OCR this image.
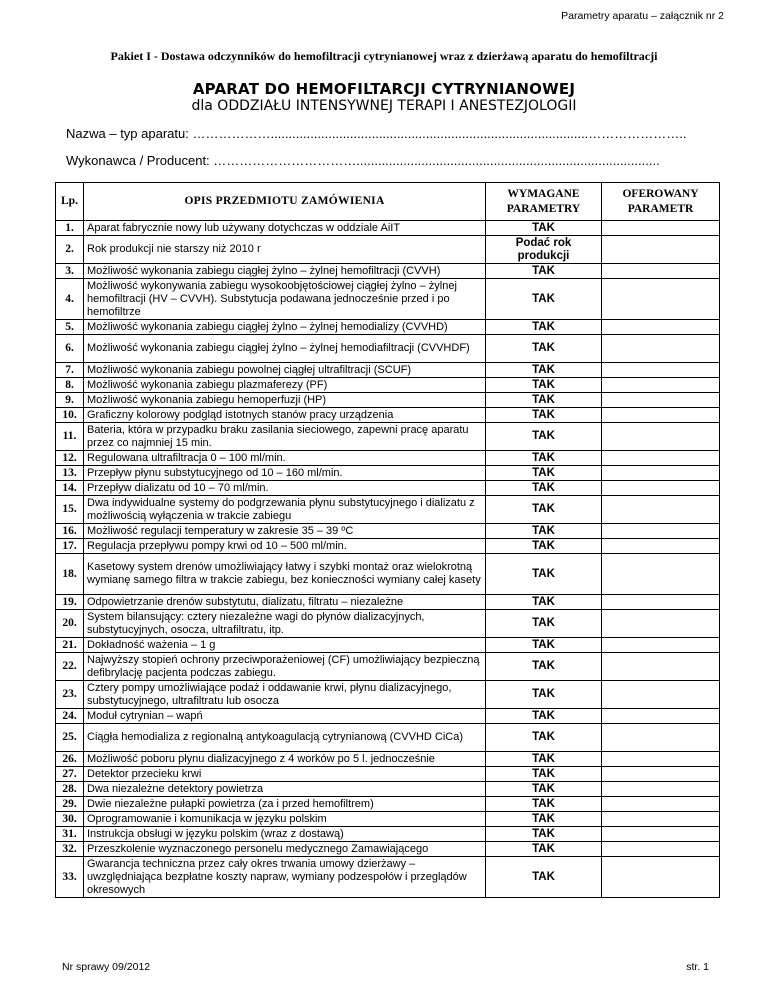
Parametry aparatu – załącznik nr 2
Pakiet I - Dostawa odczynników do hemofiltracji cytrynianowej wraz z dzierżawą aparatu do hemofiltracji
APARAT DO HEMOFILTARCJI CYTRYNIANOWEJ
dla ODDZIAŁU INTENSYWNEJ TERAPI I ANESTEZJOLOGII
Nazwa – typ aparatu: ………………........................................................................................…………………..
Wykonawca / Producent: ……………………………....................................................................................
Lp.	OPIS PRZEDMIOTU ZAMÓWIENIA	WYMAGANE PARAMETRY	OFEROWANY PARAMETR
1.	Aparat fabrycznie nowy lub używany dotychczas w oddziale AiIT	TAK	
2.	Rok produkcji nie starszy niż 2010 r	Podać rok produkcji	
3.	Możliwość wykonania zabiegu ciągłej żylno – żylnej hemofiltracji (CVVH)	TAK	
4.	Możliwość wykonywania zabiegu wysokoobjętościowej ciągłej żylno – żylnej hemofiltracji (HV – CVVH). Substytucja podawana jednocześnie przed i po hemofiltrze	TAK	
5.	Możliwość wykonania zabiegu ciągłej żylno – żylnej hemodializy (CVVHD)	TAK	
6.	Możliwość wykonania zabiegu ciągłej żylno – żylnej hemodiafiltracji (CVVHDF)	TAK	
7.	Możliwość wykonania zabiegu powolnej ciągłej ultrafiltracji (SCUF)	TAK	
8.	Możliwość wykonania zabiegu plazmaferezy (PF)	TAK	
9.	Możliwość wykonania zabiegu hemoperfuzji (HP)	TAK	
10.	Graficzny kolorowy podgląd istotnych stanów pracy urządzenia	TAK	
11.	Bateria, która w przypadku braku zasilania sieciowego, zapewni pracę aparatu przez co najmniej 15 min.	TAK	
12.	Regulowana ultrafiltracja 0 – 100 ml/min.	TAK	
13.	Przepływ płynu substytucyjnego od 10 – 160 ml/min.	TAK	
14.	Przepływ dializatu od 10 – 70 ml/min.	TAK	
15.	Dwa indywidualne systemy do podgrzewania płynu substytucyjnego i dializatu z możliwością wyłączenia w trakcie zabiegu	TAK	
16.	Możliwość regulacji temperatury w zakresie 35 – 39 ºC	TAK	
17.	Regulacja przepływu pompy krwi od 10 – 500 ml/min.	TAK	
18.	Kasetowy system drenów umożliwiający łatwy i szybki montaż oraz wielokrotną wymianę samego filtra w trakcie zabiegu, bez konieczności wymiany całej kasety	TAK	
19.	Odpowietrzanie drenów substytutu, dializatu, filtratu – niezależne	TAK	
20.	System bilansujący: cztery niezależne wagi do płynów dializacyjnych, substytucyjnych, osocza, ultrafiltratu, itp.	TAK	
21.	Dokładność ważenia – 1 g	TAK	
22.	Najwyższy stopień ochrony przeciwporażeniowej (CF) umożliwiający bezpieczną defibrylację pacjenta podczas zabiegu.	TAK	
23.	Cztery pompy umożliwiające podaż i oddawanie krwi, płynu dializacyjnego, substytucyjnego, ultrafiltratu lub osocza	TAK	
24.	Moduł cytrynian – wapń	TAK	
25.	Ciągła hemodializa z regionalną antykoagulacją cytrynianową (CVVHD CiCa)	TAK	
26.	Możliwość poboru płynu dializacyjnego z 4 worków po 5 l. jednocześnie	TAK	
27.	Detektor przecieku krwi	TAK	
28.	Dwa niezależne detektory powietrza	TAK	
29.	Dwie niezależne pułapki powietrza (za i przed hemofiltrem)	TAK	
30.	Oprogramowanie i komunikacja w języku polskim	TAK	
31.	Instrukcja obsługi w języku polskim (wraz z dostawą)	TAK	
32.	Przeszkolenie wyznaczonego personelu medycznego Zamawiającego	TAK	
33.	Gwarancja techniczna przez cały okres trwania umowy dzierżawy – uwzględniająca bezpłatne koszty napraw, wymiany podzespołów i przeglądów okresowych	TAK	
Nr sprawy 09/2012	str. 1
